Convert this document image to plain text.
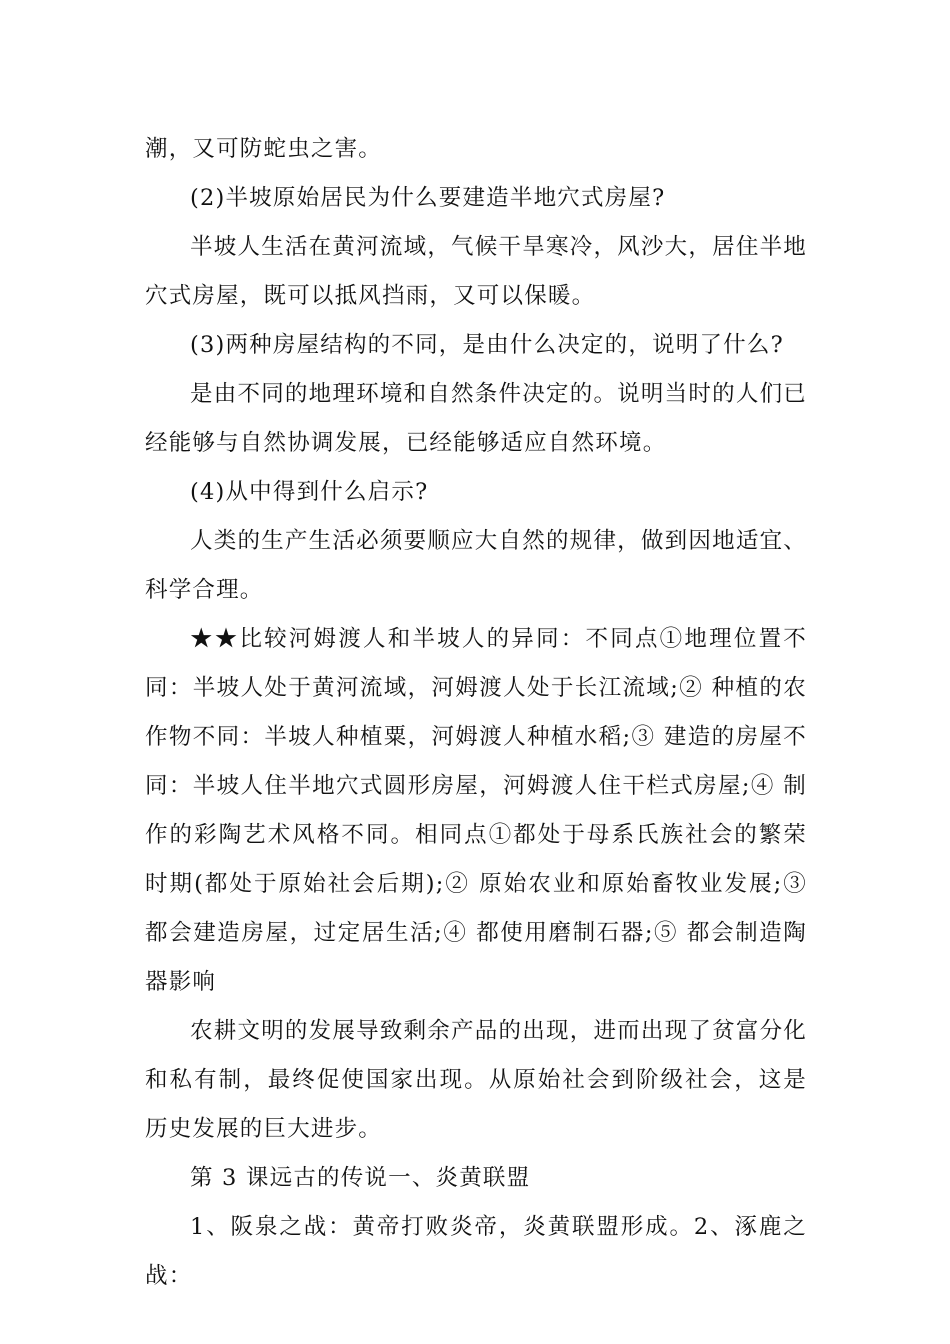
潮，又可防蛇虫之害。

(2)半坡原始居民为什么要建造半地穴式房屋?

半坡人生活在黄河流域，气候干旱寒冷，风沙大，居住半地穴式房屋，既可以抵风挡雨，又可以保暖。

(3)两种房屋结构的不同，是由什么决定的，说明了什么?

是由不同的地理环境和自然条件决定的。说明当时的人们已经能够与自然协调发展，已经能够适应自然环境。

(4)从中得到什么启示?

人类的生产生活必须要顺应大自然的规律，做到因地适宜、科学合理。

★★比较河姆渡人和半坡人的异同：不同点①地理位置不同：半坡人处于黄河流域，河姆渡人处于长江流域;② 种植的农作物不同：半坡人种植粟，河姆渡人种植水稻;③ 建造的房屋不同：半坡人住半地穴式圆形房屋，河姆渡人住干栏式房屋;④ 制作的彩陶艺术风格不同。相同点①都处于母系氏族社会的繁荣时期(都处于原始社会后期);② 原始农业和原始畜牧业发展;③ 都会建造房屋，过定居生活;④ 都使用磨制石器;⑤ 都会制造陶器影响

农耕文明的发展导致剩余产品的出现，进而出现了贫富分化和私有制，最终促使国家出现。从原始社会到阶级社会，这是历史发展的巨大进步。

第 3 课远古的传说一、炎黄联盟

1、阪泉之战：黄帝打败炎帝，炎黄联盟形成。2、涿鹿之战：
